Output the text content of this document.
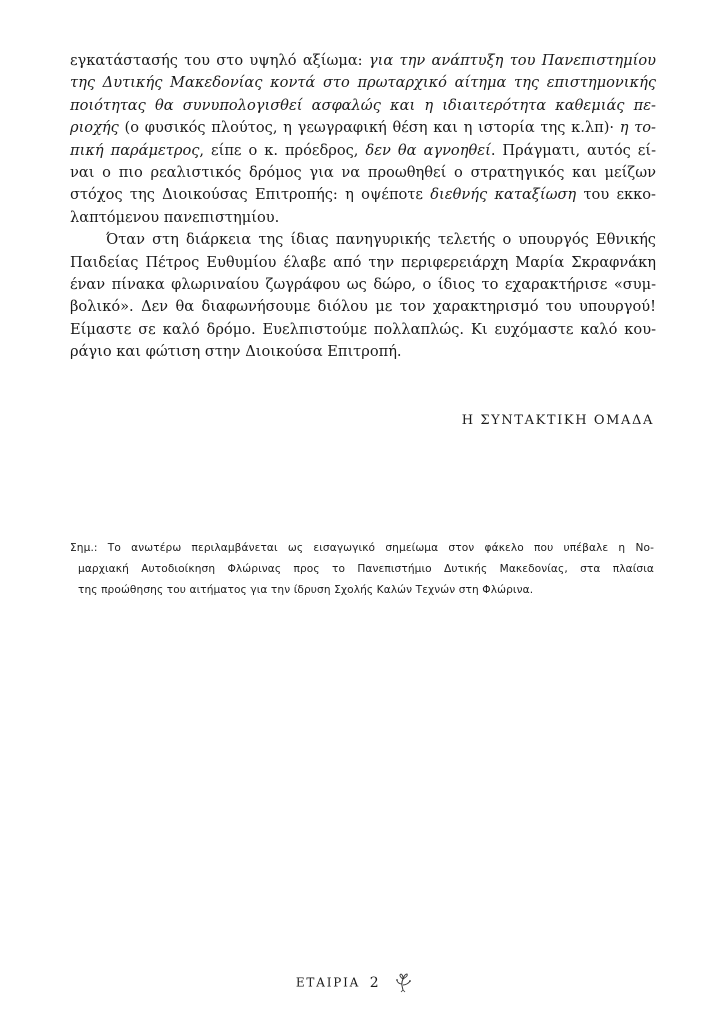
εγκατάστασής του στο υψηλό αξίωμα: για την ανάπτυξη του Πανεπιστημίου
της Δυτικής Μακεδονίας κοντά στο πρωταρχικό αίτημα της επιστημονικής
ποιότητας θα συνυπολογισθεί ασφαλώς και η ιδιαιτερότητα καθεμιάς πε-
ριοχής (ο φυσικός πλούτος, η γεωγραφική θέση και η ιστορία της κ.λπ)· η το-
πική παράμετρος, είπε ο κ. πρόεδρος, δεν θα αγνοηθεί. Πράγματι, αυτός εί-
ναι ο πιο ρεαλιστικός δρόμος για να προωθηθεί ο στρατηγικός και μείζων
στόχος της Διοικούσας Επιτροπής: η οψέποτε διεθνής καταξίωση του εκκο-
λαπτόμενου πανεπιστημίου.
Όταν στη διάρκεια της ίδιας πανηγυρικής τελετής ο υπουργός Εθνικής
Παιδείας Πέτρος Ευθυμίου έλαβε από την περιφερειάρχη Μαρία Σκραφνάκη
έναν πίνακα φλωριναίου ζωγράφου ως δώρο, ο ίδιος το εχαρακτήρισε «συμ-
βολικό». Δεν θα διαφωνήσουμε διόλου με τον χαρακτηρισμό του υπουργού!
Είμαστε σε καλό δρόμο. Ευελπιστούμε πολλαπλώς. Κι ευχόμαστε καλό κου-
ράγιο και φώτιση στην Διοικούσα Επιτροπή.
Η ΣΥΝΤΑΚΤΙΚΗ ΟΜΑΔΑ
Σημ.: Το ανωτέρω περιλαμβάνεται ως εισαγωγικό σημείωμα στον φάκελο που υπέβαλε η Νο-
μαρχιακή Αυτοδιοίκηση Φλώρινας προς το Πανεπιστήμιο Δυτικής Μακεδονίας, στα πλαίσια
της προώθησης του αιτήματος για την ίδρυση Σχολής Καλών Τεχνών στη Φλώρινα.
ΕΤΑΙΡΙΑ 2
